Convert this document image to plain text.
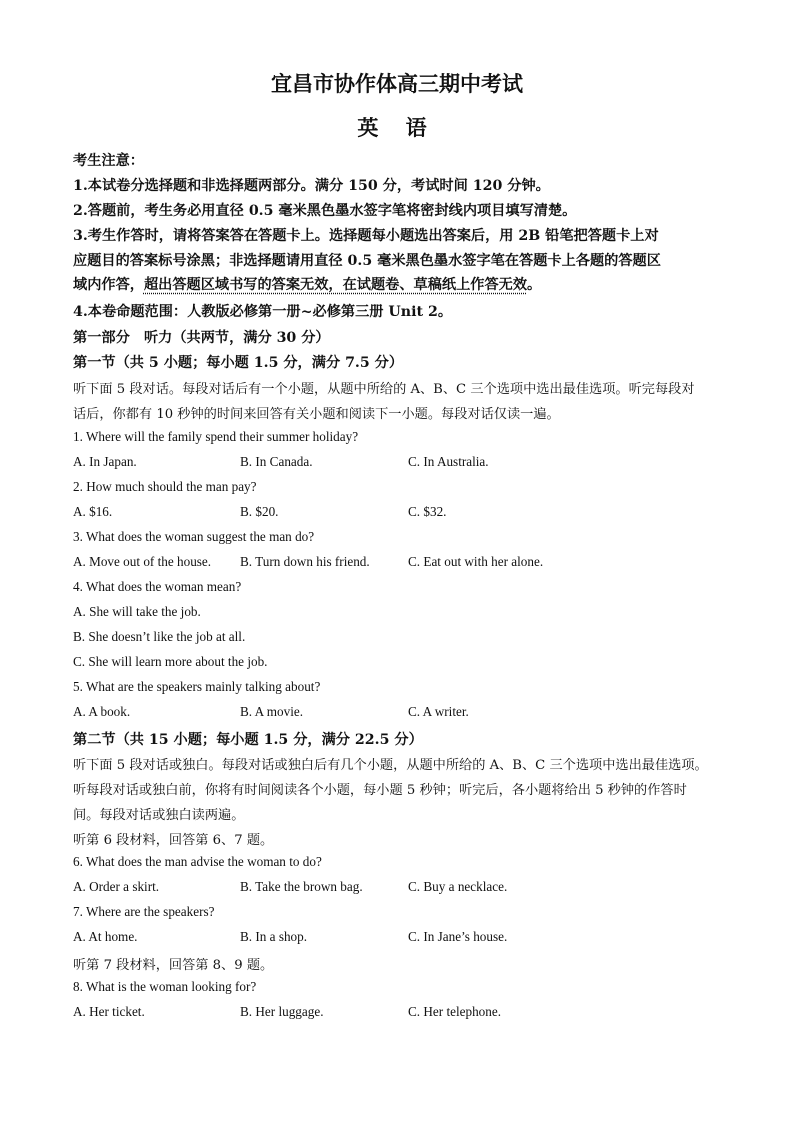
宜昌市协作体高三期中考试
英 语
考生注意：
1.本试卷分选择题和非选择题两部分。满分 150 分，考试时间 120 分钟。
2.答题前，考生务必用直径 0.5 毫米黑色墨水签字笔将密封线内项目填写清楚。
3.考生作答时，请将答案答在答题卡上。选择题每小题选出答案后，用 2B 铅笔把答题卡上对
应题目的答案标号涂黑；非选择题请用直径 0.5 毫米黑色墨水签字笔在答题卡上各题的答题区
域内作答，超出答题区域书写的答案无效，在试题卷、草稿纸上作答无效。
4.本卷命题范围：人教版必修第一册~必修第三册 Unit 2。
第一部分　听力（共两节，满分 30 分）
第一节（共 5 小题；每小题 1.5 分，满分 7.5 分）
听下面 5 段对话。每段对话后有一个小题，从题中所给的 A、B、C 三个选项中选出最佳选项。听完每段对
话后，你都有 10 秒钟的时间来回答有关小题和阅读下一小题。每段对话仅读一遍。
1. Where will the family spend their summer holiday?
A. In Japan.	B. In Canada.	C. In Australia.
2. How much should the man pay?
A. $16.	B. $20.	C. $32.
3. What does the woman suggest the man do?
A. Move out of the house. B. Turn down his friend.	C. Eat out with her alone.
4. What does the woman mean?
A. She will take the job.
B. She doesn’t like the job at all.
C. She will learn more about the job.
5. What are the speakers mainly talking about?
A. A book.	B. A movie.	C. A writer.
第二节（共 15 小题；每小题 1.5 分，满分 22.5 分）
听下面 5 段对话或独白。每段对话或独白后有几个小题，从题中所给的 A、B、C 三个选项中选出最佳选项。
听每段对话或独白前，你将有时间阅读各个小题，每小题 5 秒钟；听完后，各小题将给出 5 秒钟的作答时
间。每段对话或独白读两遍。
听第 6 段材料，回答第 6、7 题。
6. What does the man advise the woman to do?
A. Order a skirt.	B. Take the brown bag.	C. Buy a necklace.
7. Where are the speakers?
A. At home.	B. In a shop.	C. In Jane’s house.
听第 7 段材料，回答第 8、9 题。
8. What is the woman looking for?
A. Her ticket.	B. Her luggage.	C. Her telephone.
